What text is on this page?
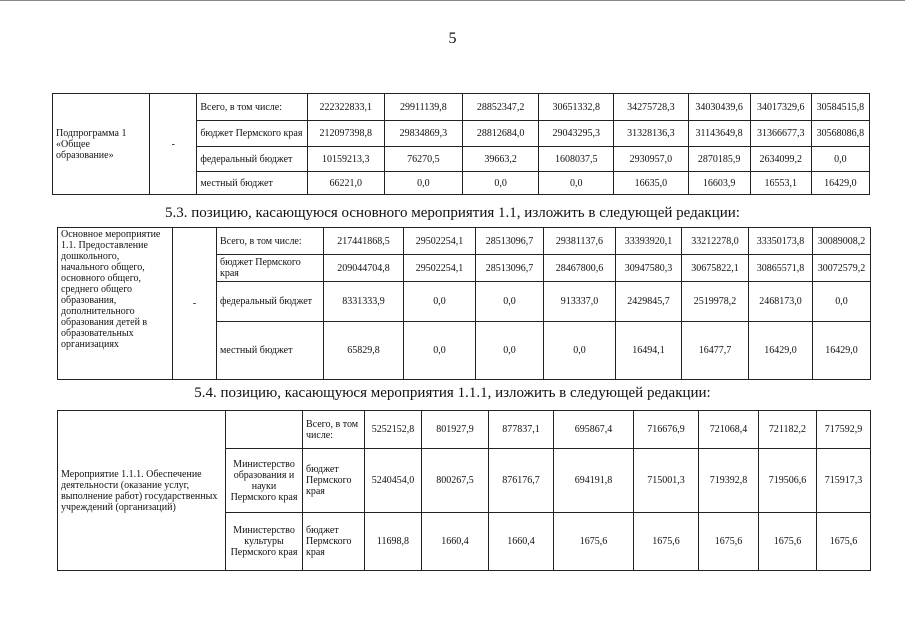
5
Подпрограмма 1 «Общее образование»	-	Всего, в том числе:	222322833,1	29911139,8	28852347,2	30651332,8	34275728,3	34030439,6	34017329,6	30584515,8
		бюджет Пермского края	212097398,8	29834869,3	28812684,0	29043295,3	31328136,3	31143649,8	31366677,3	30568086,8
		федеральный бюджет	10159213,3	76270,5	39663,2	1608037,5	2930957,0	2870185,9	2634099,2	0,0
		местный бюджет	66221,0	0,0	0,0	0,0	16635,0	16603,9	16553,1	16429,0
5.3. позицию, касающуюся основного мероприятия 1.1, изложить в следующей редакции:
Основное мероприятие 1.1. Предоставление дошкольного, начального общего, основного общего, среднего общего образования, дополнительного образования детей в образовательных организациях	-	Всего, в том числе:	217441868,5	29502254,1	28513096,7	29381137,6	33393920,1	33212278,0	33350173,8	30089008,2
		бюджет Пермского края	209044704,8	29502254,1	28513096,7	28467800,6	30947580,3	30675822,1	30865571,8	30072579,2
		федеральный бюджет	8331333,9	0,0	0,0	913337,0	2429845,7	2519978,2	2468173,0	0,0
		местный бюджет	65829,8	0,0	0,0	0,0	16494,1	16477,7	16429,0	16429,0
5.4. позицию, касающуюся мероприятия 1.1.1, изложить в следующей редакции:
Мероприятие 1.1.1. Обеспечение деятельности (оказание услуг, выполнение работ) государственных учреждений (организаций)		Всего, в том числе:	5252152,8	801927,9	877837,1	695867,4	716676,9	721068,4	721182,2	717592,9
	Министерство образования и науки Пермского края	бюджет Пермского края	5240454,0	800267,5	876176,7	694191,8	715001,3	719392,8	719506,6	715917,3
	Министерство культуры Пермского края	бюджет Пермского края	11698,8	1660,4	1660,4	1675,6	1675,6	1675,6	1675,6	1675,6
